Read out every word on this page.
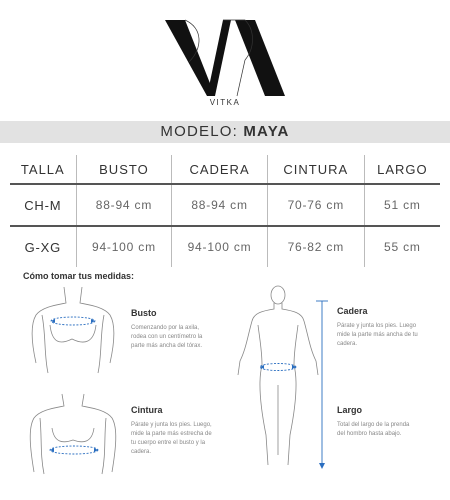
VITKA
MODELO: MAYA
TALLA	BUSTO	CADERA	CINTURA	LARGO
CH-M	88-94 cm	88-94 cm	70-76 cm	51 cm
G-XG	94-100 cm	94-100 cm	76-82 cm	55 cm
Cómo tomar tus medidas:
Busto
Comenzando por la axila,
rodea con un centímetro la
parte más ancha del tórax.
Cintura
Párate y junta los pies. Luego,
mide la parte más estrecha de
tu cuerpo entre el busto y la
cadera.
Cadera
Párate y junta los pies. Luego
mide la parte más ancha de tu
cadera.
Largo
Total del largo de la prenda
del hombro hasta abajo.
